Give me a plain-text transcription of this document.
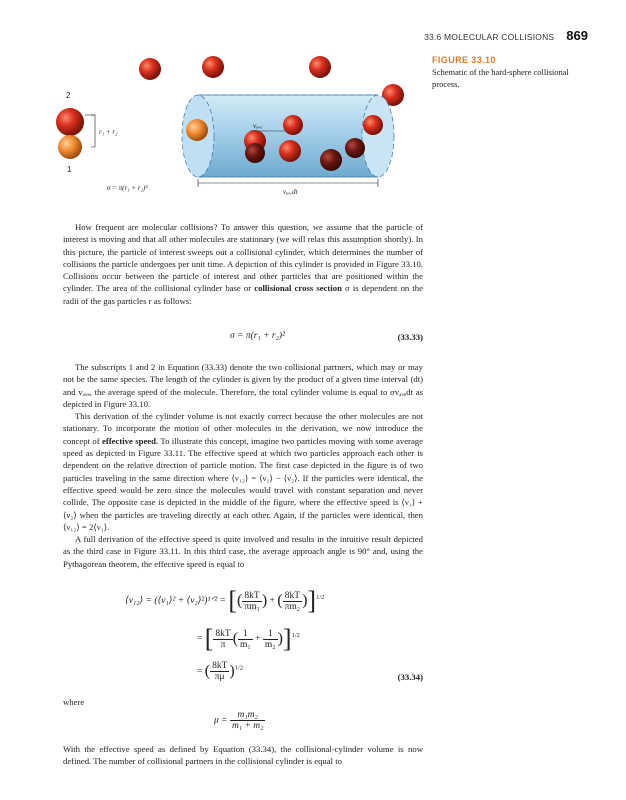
33.6 MOLECULAR COLLISIONS 869
FIGURE 33.10
Schematic of the hard-sphere collisional process.
vₐᵥₑ
2
1
r₁ + r₂
σ = π(r₁ + r₂)²	vₐᵥₑdt

How frequent are molecular collisions? To answer this question, we assume that the particle of interest is moving and that all other molecules are stationary (we will relax this assumption shortly). In this picture, the particle of interest sweeps out a collisional cylinder, which determines the number of collisions the particle undergoes per unit time. A depiction of this cylinder is provided in Figure 33.10. Collisions occur between the particle of interest and other particles that are positioned within the cylinder. The area of the collisional cylinder base or collisional cross section σ is dependent on the radii of the gas particles r as follows:

σ = π(r₁ + r₂)²	(33.33)

The subscripts 1 and 2 in Equation (33.33) denote the two collisional partners, which may or may not be the same species. The length of the cylinder is given by the product of a given time interval (dt) and vₐᵥₑ, the average speed of the molecule. Therefore, the total cylinder volume is equal to σvₐᵥₑdt as depicted in Figure 33.10.

This derivation of the cylinder volume is not exactly correct because the other molecules are not stationary. To incorporate the motion of other molecules in the derivation, we now introduce the concept of effective speed. To illustrate this concept, imagine two particles moving with some average speed as depicted in Figure 33.11. The effective speed at which two particles approach each other is dependent on the relative direction of particle motion. The first case depicted in the figure is of two particles traveling in the same direction where ⟨ν₁₂⟩ = ⟨ν₁⟩ − ⟨ν₂⟩. If the particles were identical, the effective speed would be zero since the molecules would travel with constant separation and never collide. The opposite case is depicted in the middle of the figure, where the effective speed is ⟨ν₁⟩ + ⟨ν₂⟩ when the particles are traveling directly at each other. Again, if the particles were identical, then ⟨ν₁₂⟩ = 2⟨ν₁⟩.

A full derivation of the effective speed is quite involved and results in the intuitive result depicted as the third case in Figure 33.11. In this third case, the average approach angle is 90° and, using the Pythagorean theorem, the effective speed is equal to

⟨ν₁₂⟩ = (⟨ν₁⟩² + ⟨ν₂⟩²)¹ᐟ² = [( $\frac{8kT}{\text{πm₁}}$ ) + ( $\frac{8kT}{\text{πm₂}} )]^{1/2}$
= [ $\frac{8kT}{\pi}$ ( $\frac{1}{\text{m₁}} + \frac{1}{\text{m₂}} )]^{1/2}$
= ( $\frac{8kT}{\pi\mu} )^{1/2}$
(33.34)
where
$\mu = \frac{\text{m₁m₂}}{\text{m₁ + m₂}}$

With the effective speed as defined by Equation (33.34), the collisional-cylinder volume is now defined. The number of collisional partners in the collisional cylinder is equal to
